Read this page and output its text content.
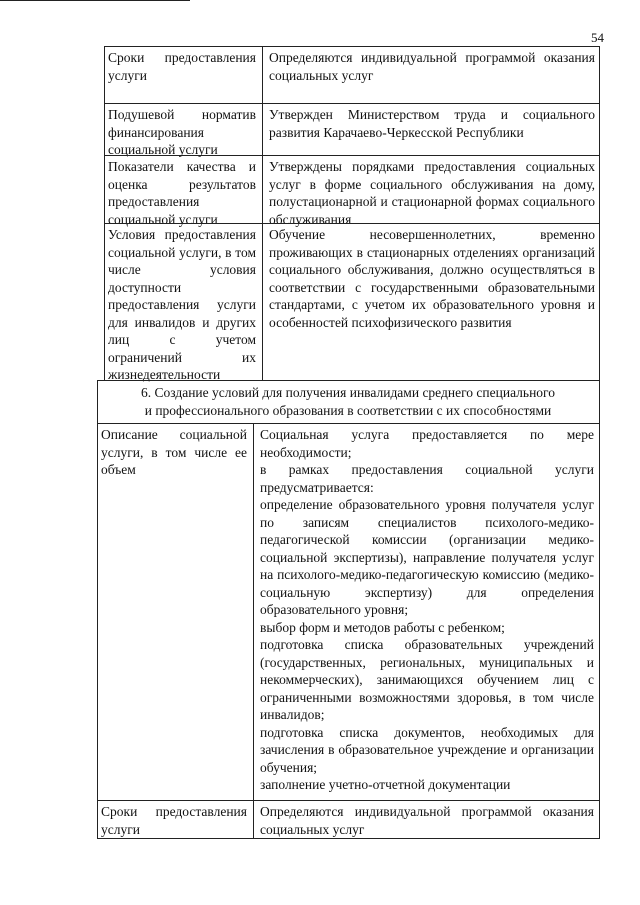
54
Сроки предоставления услуги
Определяются индивидуальной программой оказания социальных услуг
Подушевой норматив финансирования социальной услуги
Утвержден Министерством труда и социального развития Карачаево-Черкесской Республики
Показатели качества и оценка результатов предоставления социальной услуги
Утверждены порядками предоставления социальных услуг в форме социального обслуживания на дому, полустационарной и стационарной формах социального обслуживания
Условия предоставления социальной услуги, в том числе условия доступности предоставления услуги для инвалидов и других лиц с учетом ограничений их жизнедеятельности
Обучение несовершеннолетних, временно проживающих в стационарных отделениях организаций социального обслуживания, должно осуществляться в соответствии с государственными образовательными стандартами, с учетом их образовательного уровня и особенностей психофизического развития
6. Создание условий для получения инвалидами среднего специального
и профессионального образования в соответствии с их способностями
Описание социальной услуги, в том числе ее объем
Социальная услуга предоставляется по мере необходимости;
в рамках предоставления социальной услуги предусматривается:
определение образовательного уровня получателя услуг по записям специалистов психолого-медико-педагогической комиссии (организации медико-социальной экспертизы), направление получателя услуг на психолого-медико-педагогическую комиссию (медико-социальную экспертизу) для определения образовательного уровня;
выбор форм и методов работы с ребенком;
подготовка списка образовательных учреждений (государственных, региональных, муниципальных и некоммерческих), занимающихся обучением лиц с ограниченными возможностями здоровья, в том числе инвалидов;
подготовка списка документов, необходимых для зачисления в образовательное учреждение и организации обучения;
заполнение учетно-отчетной документации
Сроки предоставления услуги
Определяются индивидуальной программой оказания социальных услуг
